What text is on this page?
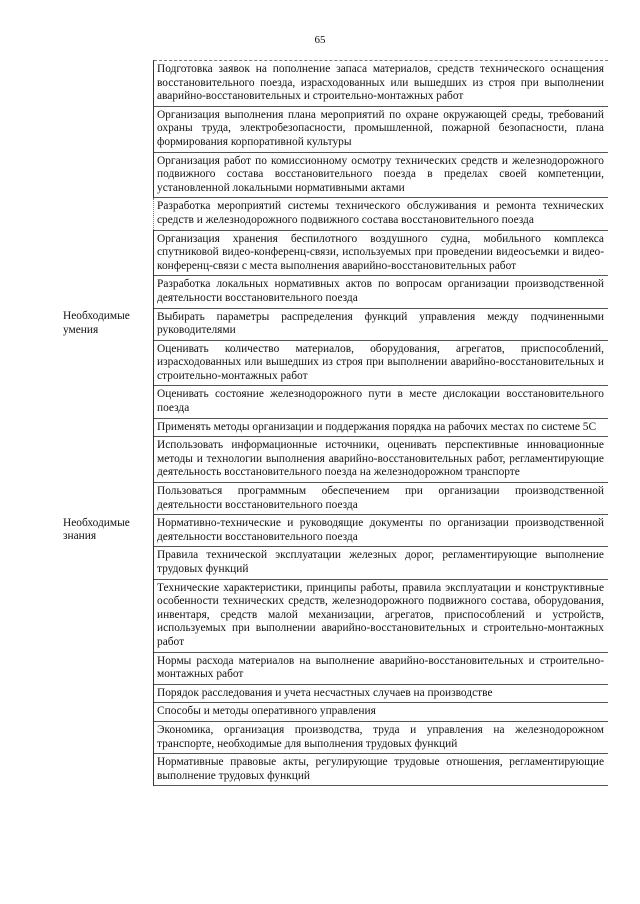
65
	Подготовка заявок на пополнение запаса материалов, средств технического оснащения восстановительного поезда, израсходованных или вышедших из строя при выполнении аварийно-восстановительных и строительно-монтажных работ
	Организация выполнения плана мероприятий по охране окружающей среды, требований охраны труда, электробезопасности, промышленной, пожарной безопасности, плана формирования корпоративной культуры
	Организация работ по комиссионному осмотру технических средств и железнодорожного подвижного состава восстановительного поезда в пределах своей компетенции, установленной локальными нормативными актами
	Разработка мероприятий системы технического обслуживания и ремонта технических средств и железнодорожного подвижного состава восстановительного поезда
	Организация хранения беспилотного воздушного судна, мобильного комплекса спутниковой видео-конференц-связи, используемых при проведении видеосъемки и видео-конференц-связи с места выполнения аварийно-восстановительных работ
	Разработка локальных нормативных актов по вопросам организации производственной деятельности восстановительного поезда
Необходимые умения	Выбирать параметры распределения функций управления между подчиненными руководителями
	Оценивать количество материалов, оборудования, агрегатов, приспособлений, израсходованных или вышедших из строя при выполнении аварийно-восстановительных и строительно-монтажных работ
	Оценивать состояние железнодорожного пути в месте дислокации восстановительного поезда
	Применять методы организации и поддержания порядка на рабочих местах по системе 5С
	Использовать информационные источники, оценивать перспективные инновационные методы и технологии выполнения аварийно-восстановительных работ, регламентирующие деятельность восстановительного поезда на железнодорожном транспорте
	Пользоваться программным обеспечением при организации производственной деятельности восстановительного поезда
Необходимые знания	Нормативно-технические и руководящие документы по организации производственной деятельности восстановительного поезда
	Правила технической эксплуатации железных дорог, регламентирующие выполнение трудовых функций
	Технические характеристики, принципы работы, правила эксплуатации и конструктивные особенности технических средств, железнодорожного подвижного состава, оборудования, инвентаря, средств малой механизации, агрегатов, приспособлений и устройств, используемых при выполнении аварийно-восстановительных и строительно-монтажных работ
	Нормы расхода материалов на выполнение аварийно-восстановительных и строительно-монтажных работ
	Порядок расследования и учета несчастных случаев на производстве
	Способы и методы оперативного управления
	Экономика, организация производства, труда и управления на железнодорожном транспорте, необходимые для выполнения трудовых функций
	Нормативные правовые акты, регулирующие трудовые отношения, регламентирующие выполнение трудовых функций
